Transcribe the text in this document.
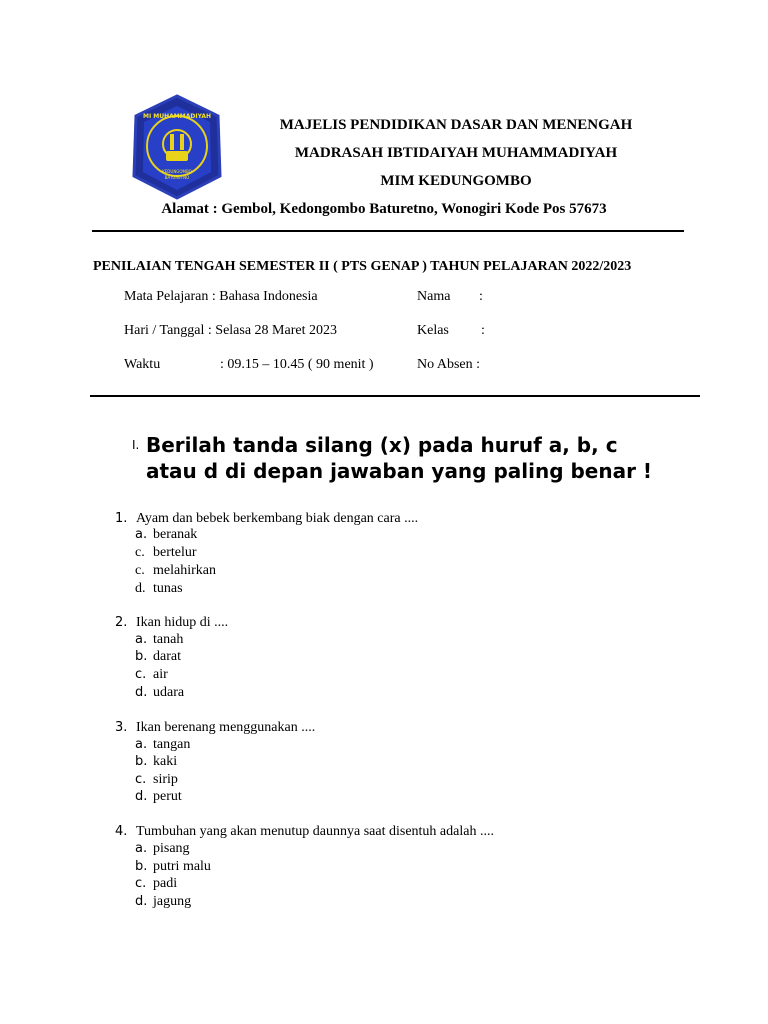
MI MUHAMMADIYAH
KEDUNGOMBO
BATURETNO
MAJELIS PENDIDIKAN DASAR DAN MENENGAH
MADRASAH IBTIDAIYAH MUHAMMADIYAH
MIM KEDUNGOMBO
Alamat : Gembol, Kedongombo Baturetno, Wonogiri Kode Pos 57673
PENILAIAN TENGAH SEMESTER II ( PTS GENAP ) TAHUN PELAJARAN 2022/2023
Mata Pelajaran : Bahasa Indonesia
Hari / Tanggal : Selasa 28 Maret 2023
Waktu	: 09.15 – 10.45 ( 90 menit )
Nama :
Kelas :
No Absen :
I. Berilah tanda silang (x) pada huruf a, b, c
atau d di depan jawaban yang paling benar !
1. Ayam dan bebek berkembang biak dengan cara ....
a. beranak
c. bertelur
c. melahirkan
d. tunas
2. Ikan hidup di ....
a. tanah
b. darat
c. air
d. udara
3. Ikan berenang menggunakan ....
a. tangan
b. kaki
c. sirip
d. perut
4. Tumbuhan yang akan menutup daunnya saat disentuh adalah ....
a. pisang
b. putri malu
c. padi
d. jagung
